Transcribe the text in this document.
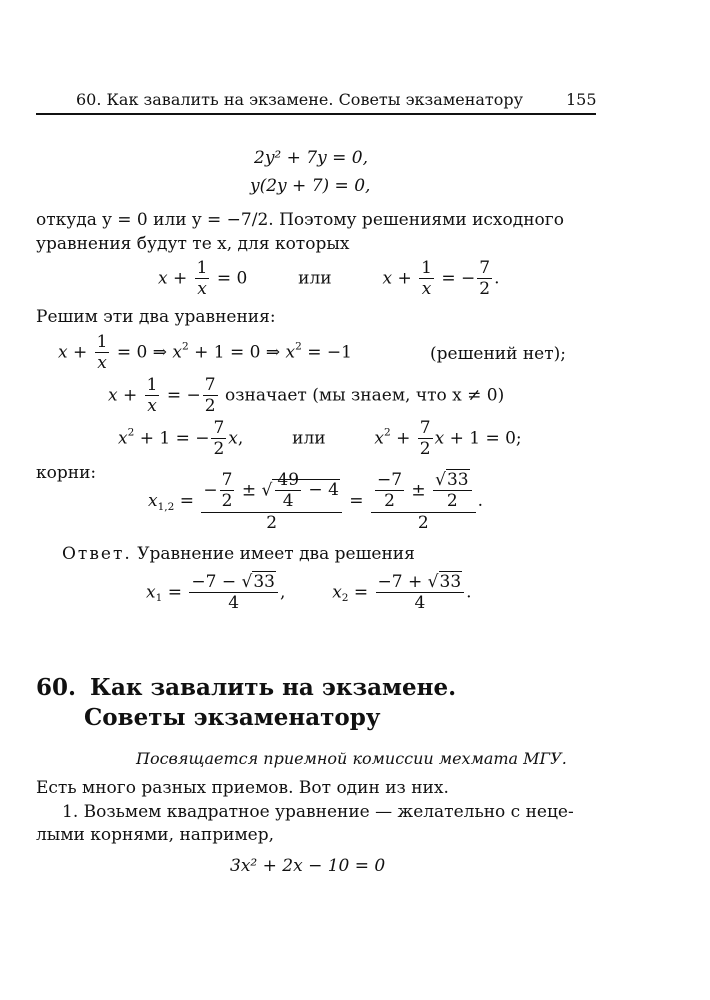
60. Как завалить на экзамене. Советы экзаменатору	155
2y² + 7y = 0,
y(2y + 7) = 0,
откуда y = 0 или y = −7/2. Поэтому решениями исходного
уравнения будут те x, для которых
$x + \frac{1}{x} = 0$	или	$x + \frac{1}{x}$ = − $\frac{7}{2}$ .
Решим эти два уравнения:
$x + \frac{1}{x} = 0$ ⇒ $x^2 + 1 = 0$ ⇒ $x^2 = -1$	(решений нет);
$x + \frac{1}{x}$ = − $\frac{7}{2}$ означает (мы знаем, что x ≠ 0)
$x^2 + 1$ = − $\frac{7}{2} x$,	или	$x^2 + \frac{7}{2}$ x + 1 = 0;
корни:
$x_{1,2} = \frac{- \frac{7}{2} \pm √ \frac{49}{4} - 4}{2} = \frac{\frac{-7}{2} \pm \frac{√33}{2}}{2}$ .
Ответ. Уравнение имеет два решения
$x_1 = \frac{-7 - √33}{4}$ ,  $x_2 = \frac{-7 + √33}{4}$ .
60. Как завалить на экзамене.
Советы экзаменатору
Посвящается приемной комиссии мехмата МГУ.
Есть много разных приемов. Вот один из них.
1. Возьмем квадратное уравнение — желательно с неце-
лыми корнями, например,
3x² + 2x − 10 = 0
